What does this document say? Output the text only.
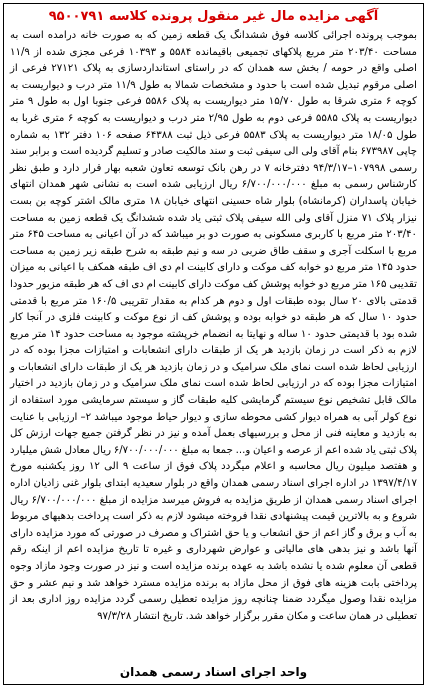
آگهی مزایده مال غیر منقول پرونده کلاسه ۹۵۰۰۷۹۱

بموجب پرونده اجرائی کلاسه فوق ششدانگ یک قطعه زمین که به صورت خانه درامده است به مساحت ۲۰۳/۴۰ متر مربع پلاکهای تجمیعی باقیمانده ۵۵۸۴ و ۱۰۳۹۳ فرعی مجزی شده از ۱۱/۹ اصلی واقع در حومه / بخش سه همدان که در راستای استانداردسازی به پلاک ۲۷۱۲۱ فرعی از اصلی مرقوم تبدیل شده است با حدود و مشخصات شمالا به طول ۱۱/۹ متر درب و دیواریست به کوچه ۶ متری شرقا به طول ۱۵/۷۰ متر دیواریست به پلاک ۵۵۸۶ فرعی جنوبا اول به طول ۹ متر دیواریست به پلاک ۵۵۸۵ فرعی دوم به طول ۲/۹۵ متر درب و دیواریست به کوچه ۶ متری غربا به طول ۱۸/۰۵ متر دیواریست به پلاک ۵۵۸۳ فرعی ذیل ثبت ۶۴۳۸۸ صفحه ۱۰۶ دفتر ۱۳۲ به شماره چاپی ۶۷۳۹۸۷ بنام آقای ولی الی سیفی ثبت و سند مالکیت صادر و تسلیم گردیده است و برابر سند رسمی ۱۰۷۹۹۸–۹۴/۳/۱۷ دفترخانه ۷ در رهن بانک توسعه تعاون شعبه بهار قرار دارد و طبق نظر کارشناس رسمی به مبلغ ۶/۷۰۰/۰۰۰/۰۰۰ ریال ارزیابی شده است به نشانی شهر همدان انتهای خیابان پاسداران (کرمانشاه) بلوار شاه حسینی انتهای خیابان ۱۸ متری مالک اشتر کوچه بن بست نیزار پلاک ۷۱ منزل آقای ولی الله سیفی پلاک ثبتی یاد شده ششدانگ یک قطعه زمین به مساحت ۲۰۳/۴۰ متر مربع با کاربری مسکونی به صورت دو بر میباشد که در آن اعیانی به مساحت ۶۴۵ متر مربع با اسکلت آجری و سقف طاق ضربی در سه و نیم طبقه به شرح طبقه زیر زمین به مساحت حدود ۱۴۵ متر مربع دو خوابه کف موکت و دارای کابینت ام دی اف طبقه همکف با اعیانی به میزان تقدیبی ۱۶۵ متر مربع دو خوابه پوشش کف موکت دارای کابینت ام دی اف که هر طبقه مزبور حدودا قدمتی بالای ۲۰ سال بوده طبقات اول و دوم هر کدام به مقدار تقریبی ۱۶۰/۵ متر مربع با قدمتی حدود ۱۰ سال که هر طبقه دو خوابه بوده و پوشش کف از نوع موکت و کابینت فلزی در آنجا کار شده بود با قدیمتی حدود ۱۰ ساله و نهایتا به انضمام خرپشته موجود به مساحت حدود ۱۴ متر مربع لازم به ذکر است در زمان بازدید هر یک از طبقات دارای انشعابات و امتیازات مجزا بوده که در ارزیابی لحاظ شده است نمای ملک سرامیک و در زمان بازدید هر یک از طبقات دارای انشعابات و امتیازات مجزا بوده که در ارزیابی لحاظ شده است نمای ملک سرامیک و در زمان بازدید در اختیار مالک قابل تشخیص نوع سیستم گرمایشی کلیه طبقات گاز و سیستم سرمایشی مورد استفاده از نوع کولر آبی به همراه دیوار کشی محوطه سازی و دیوار حیاط موجود میباشد ۲– ارزیابی با عنایت به بازدید و معاینه فنی از محل و بررسیهای بعمل آمده و نیز در نظر گرفتن جمیع جهات ارزش کل پلاک ثبتی یاد شده اعم از عرصه و اعیان و... جمعا به مبلغ ۶/۷۰۰/۰۰۰/۰۰۰ ریال معادل شش میلیارد و هفتصد میلیون ریال محاسبه و اعلام میگردد پلاک فوق از ساعت ۹ الی ۱۲ روز یکشنبه مورخ ۱۳۹۷/۴/۱۷ در اداره اجرای اسناد رسمی همدان واقع در بلوار سعیدیه ابتدای بلوار غنی زادیان اداره اجرای اسناد رسمی همدان از طریق مزایده به فروش میرسد مزایده از مبلغ ۶/۷۰۰/۰۰۰/۰۰۰ ریال شروع و به بالاترین قیمت پیشنهادی نقدا فروخته میشود لازم به ذکر است پرداخت بدهیهای مربوط به آب و برق و گاز اعم از حق انشعاب و یا حق اشتراک و مصرف در صورتی که مورد مزایده دارای آنها باشد و نیز بدهی های مالیاتی و عوارض شهرداری و غیره تا تاریخ مزایده اعم از اینکه رقم قطعی آن معلوم شده یا نشده باشد به عهده برنده مزایده است و نیز در صورت وجود مازاد وجوه پرداختی بابت هزینه های فوق از محل مازاد به برنده مزایده مسترد خواهد شد و نیم عشر و حق مزایده نقدا وصول میگردد ضمنا چنانچه روز مزایده تعطیل رسمی گردد مزایده روز اداری بعد از تعطیلی در همان ساعت و مکان مقرر برگزار خواهد شد. تاریخ انتشار ۹۷/۳/۲۸

واحد اجرای اسناد رسمی همدان
